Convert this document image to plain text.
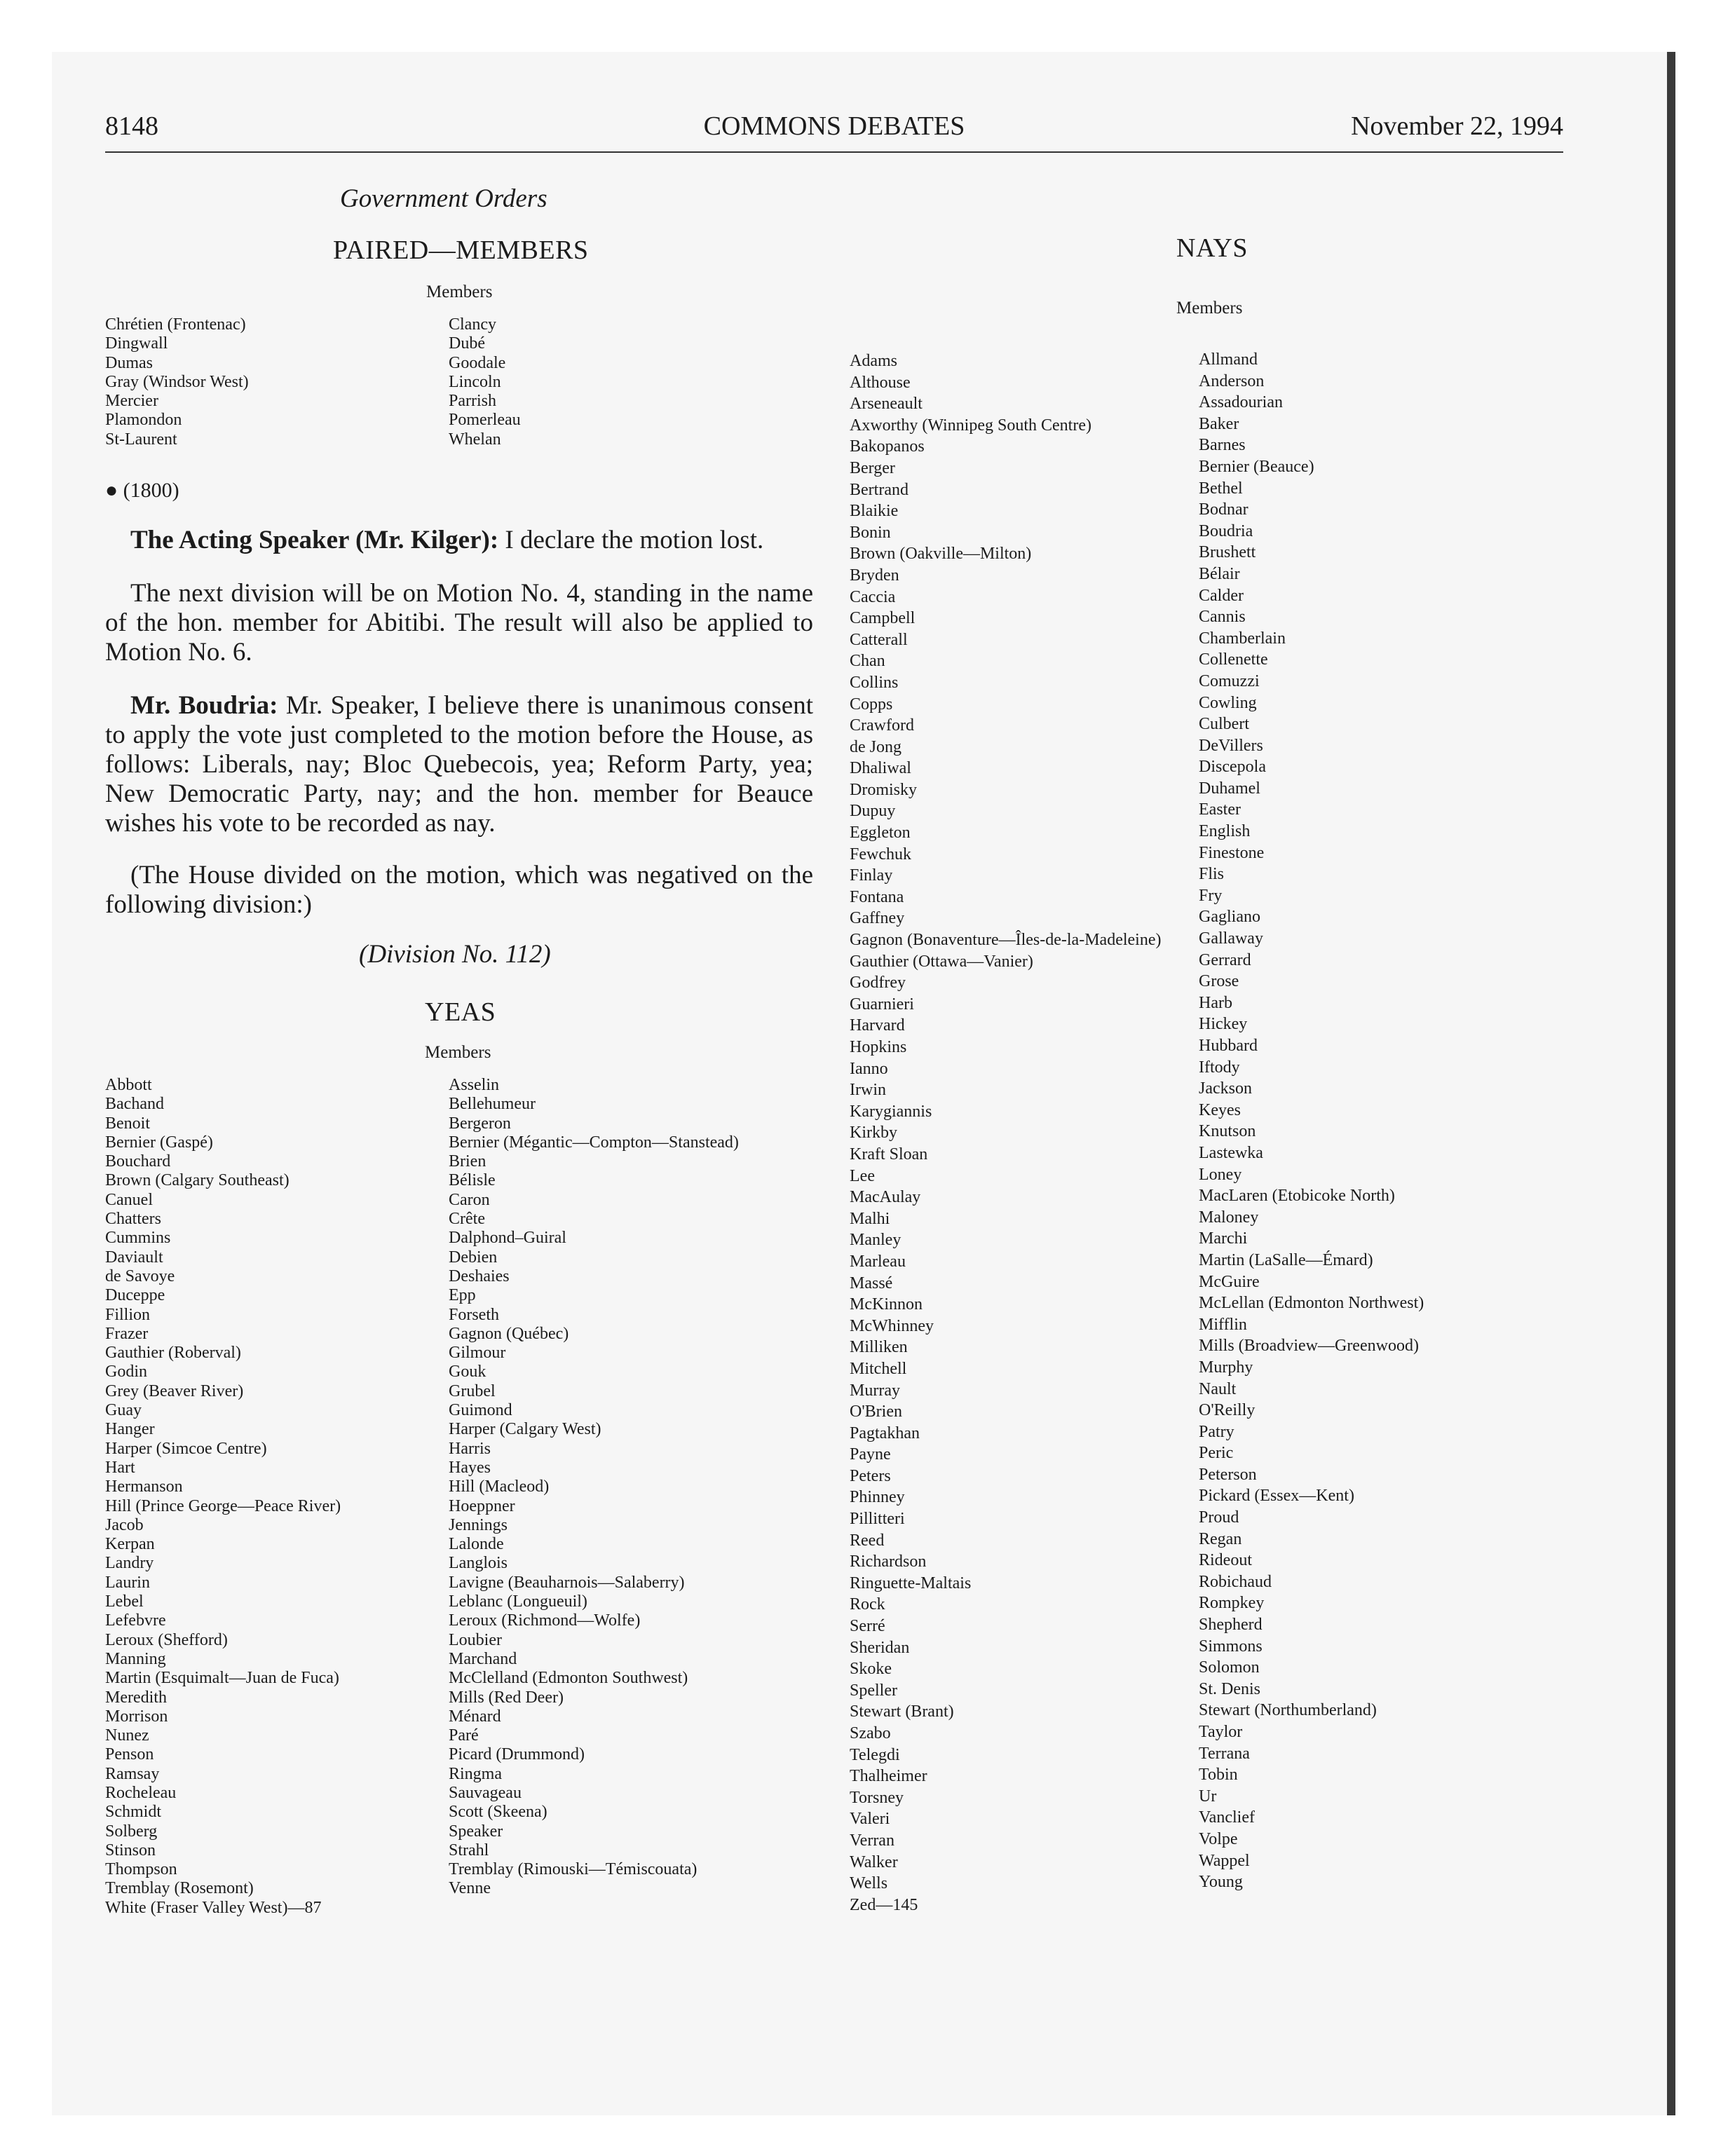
COMMONS DEBATES
8148	November 22, 1994
Government Orders
PAIRED—MEMBERS
Members
Chrétien (Frontenac)
Dingwall
Dumas
Gray (Windsor West)
Mercier
Plamondon
St-Laurent
Clancy
Dubé
Goodale
Lincoln
Parrish
Pomerleau
Whelan
● (1800)
The Acting Speaker (Mr. Kilger): I declare the motion lost.
The next division will be on Motion No. 4, standing in the name of the hon. member for Abitibi. The result will also be applied to Motion No. 6.
Mr. Boudria: Mr. Speaker, I believe there is unanimous consent to apply the vote just completed to the motion before the House, as follows: Liberals, nay; Bloc Quebecois, yea; Reform Party, yea; New Democratic Party, nay; and the hon. member for Beauce wishes his vote to be recorded as nay.
(The House divided on the motion, which was negatived on the following division:)
(Division No. 112)
YEAS
Members
Abbott
Bachand
Benoit
Bernier (Gaspé)
Bouchard
Brown (Calgary Southeast)
Canuel
Chatters
Cummins
Daviault
de Savoye
Duceppe
Fillion
Frazer
Gauthier (Roberval)
Godin
Grey (Beaver River)
Guay
Hanger
Harper (Simcoe Centre)
Hart
Hermanson
Hill (Prince George—Peace River)
Jacob
Kerpan
Landry
Laurin
Lebel
Lefebvre
Leroux (Shefford)
Manning
Martin (Esquimalt—Juan de Fuca)
Meredith
Morrison
Nunez
Penson
Ramsay
Rocheleau
Schmidt
Solberg
Stinson
Thompson
Tremblay (Rosemont)
White (Fraser Valley West)—87
Asselin
Bellehumeur
Bergeron
Bernier (Mégantic—Compton—Stanstead)
Brien
Bélisle
Caron
Crête
Dalphond–Guiral
Debien
Deshaies
Epp
Forseth
Gagnon (Québec)
Gilmour
Gouk
Grubel
Guimond
Harper (Calgary West)
Harris
Hayes
Hill (Macleod)
Hoeppner
Jennings
Lalonde
Langlois
Lavigne (Beauharnois—Salaberry)
Leblanc (Longueuil)
Leroux (Richmond—Wolfe)
Loubier
Marchand
McClelland (Edmonton Southwest)
Mills (Red Deer)
Ménard
Paré
Picard (Drummond)
Ringma
Sauvageau
Scott (Skeena)
Speaker
Strahl
Tremblay (Rimouski—Témiscouata)
Venne
NAYS
Members
Adams
Althouse
Arseneault
Axworthy (Winnipeg South Centre)
Bakopanos
Berger
Bertrand
Blaikie
Bonin
Brown (Oakville—Milton)
Bryden
Caccia
Campbell
Catterall
Chan
Collins
Copps
Crawford
de Jong
Dhaliwal
Dromisky
Dupuy
Eggleton
Fewchuk
Finlay
Fontana
Gaffney
Gagnon (Bonaventure—Îles-de-la-Madeleine)
Gauthier (Ottawa—Vanier)
Godfrey
Guarnieri
Harvard
Hopkins
Ianno
Irwin
Karygiannis
Kirkby
Kraft Sloan
Lee
MacAulay
Malhi
Manley
Marleau
Massé
McKinnon
McWhinney
Milliken
Mitchell
Murray
O'Brien
Pagtakhan
Payne
Peters
Phinney
Pillitteri
Reed
Richardson
Ringuette-Maltais
Rock
Serré
Sheridan
Skoke
Speller
Stewart (Brant)
Szabo
Telegdi
Thalheimer
Torsney
Valeri
Verran
Walker
Wells
Zed—145
Allmand
Anderson
Assadourian
Baker
Barnes
Bernier (Beauce)
Bethel
Bodnar
Boudria
Brushett
Bélair
Calder
Cannis
Chamberlain
Collenette
Comuzzi
Cowling
Culbert
DeVillers
Discepola
Duhamel
Easter
English
Finestone
Flis
Fry
Gagliano
Gallaway
Gerrard
Grose
Harb
Hickey
Hubbard
Iftody
Jackson
Keyes
Knutson
Lastewka
Loney
MacLaren (Etobicoke North)
Maloney
Marchi
Martin (LaSalle—Émard)
McGuire
McLellan (Edmonton Northwest)
Mifflin
Mills (Broadview—Greenwood)
Murphy
Nault
O'Reilly
Patry
Peric
Peterson
Pickard (Essex—Kent)
Proud
Regan
Rideout
Robichaud
Rompkey
Shepherd
Simmons
Solomon
St. Denis
Stewart (Northumberland)
Taylor
Terrana
Tobin
Ur
Vanclief
Volpe
Wappel
Young
